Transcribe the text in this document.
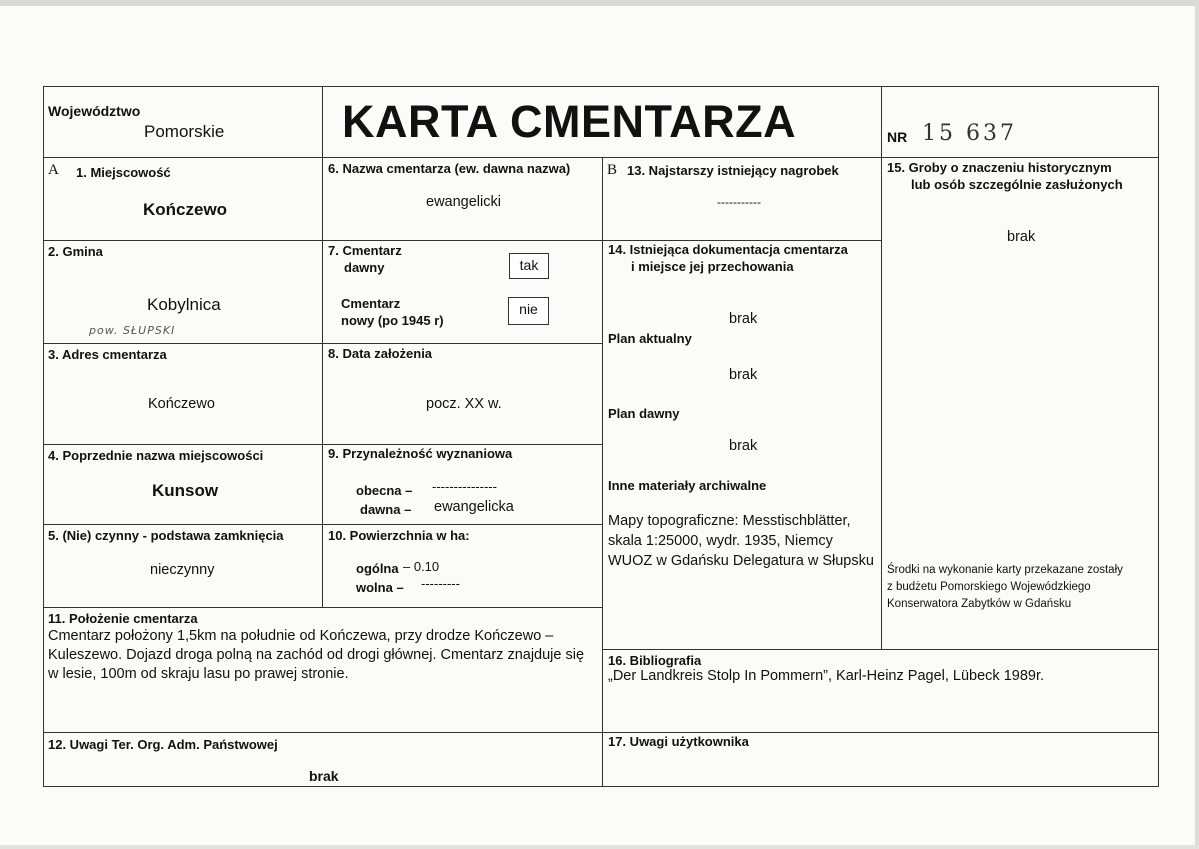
Województwo
Pomorskie	KARTA CMENTARZA	NR 15 637
A 1. Miejscowość
Kończewo
2. Gmina
Kobylnica
pow. SŁUPSKI
3. Adres cmentarza
Kończewo
4. Poprzednie nazwa miejscowości
Kunsow
5. (Nie) czynny - podstawa zamknięcia
nieczynny
6. Nazwa cmentarza (ew. dawna nazwa)
ewangelicki
7. Cmentarz
dawny	tak
Cmentarz
nowy (po 1945 r)
nie
8. Data założenia
pocz. XX w.
9. Przynależność wyznaniowa
obecna – ---------------
dawna – ewangelicka
10. Powierzchnia w ha:
ogólna – 0.10
wolna – ---------
11. Położenie cmentarza
Cmentarz położony 1,5km na południe od Kończewa, przy drodze Kończewo –
Kuleszewo. Dojazd droga polną na zachód od drogi głównej. Cmentarz znajduje się
w lesie, 100m od skraju lasu po prawej stronie.
12. Uwagi Ter. Org. Adm. Państwowej
brak
B 13. Najstarszy istniejący nagrobek
-----------
14. Istniejąca dokumentacja cmentarza
i miejsce jej przechowania
brak
Plan aktualny
brak
Plan dawny
brak
Inne materiały archiwalne
Mapy topograficzne: Messtischblätter,
skala 1:25000, wydr. 1935, Niemcy
WUOZ w Gdańsku Delegatura w Słupsku
15. Groby o znaczeniu historycznym
lub osób szczególnie zasłużonych
brak
Środki na wykonanie karty przekazane zostały
z budżetu Pomorskiego Wojewódzkiego
Konserwatora Zabytków w Gdańsku
16. Bibliografia
„Der Landkreis Stolp In Pommern”, Karl-Heinz Pagel, Lübeck 1989r.
17. Uwagi użytkownika
